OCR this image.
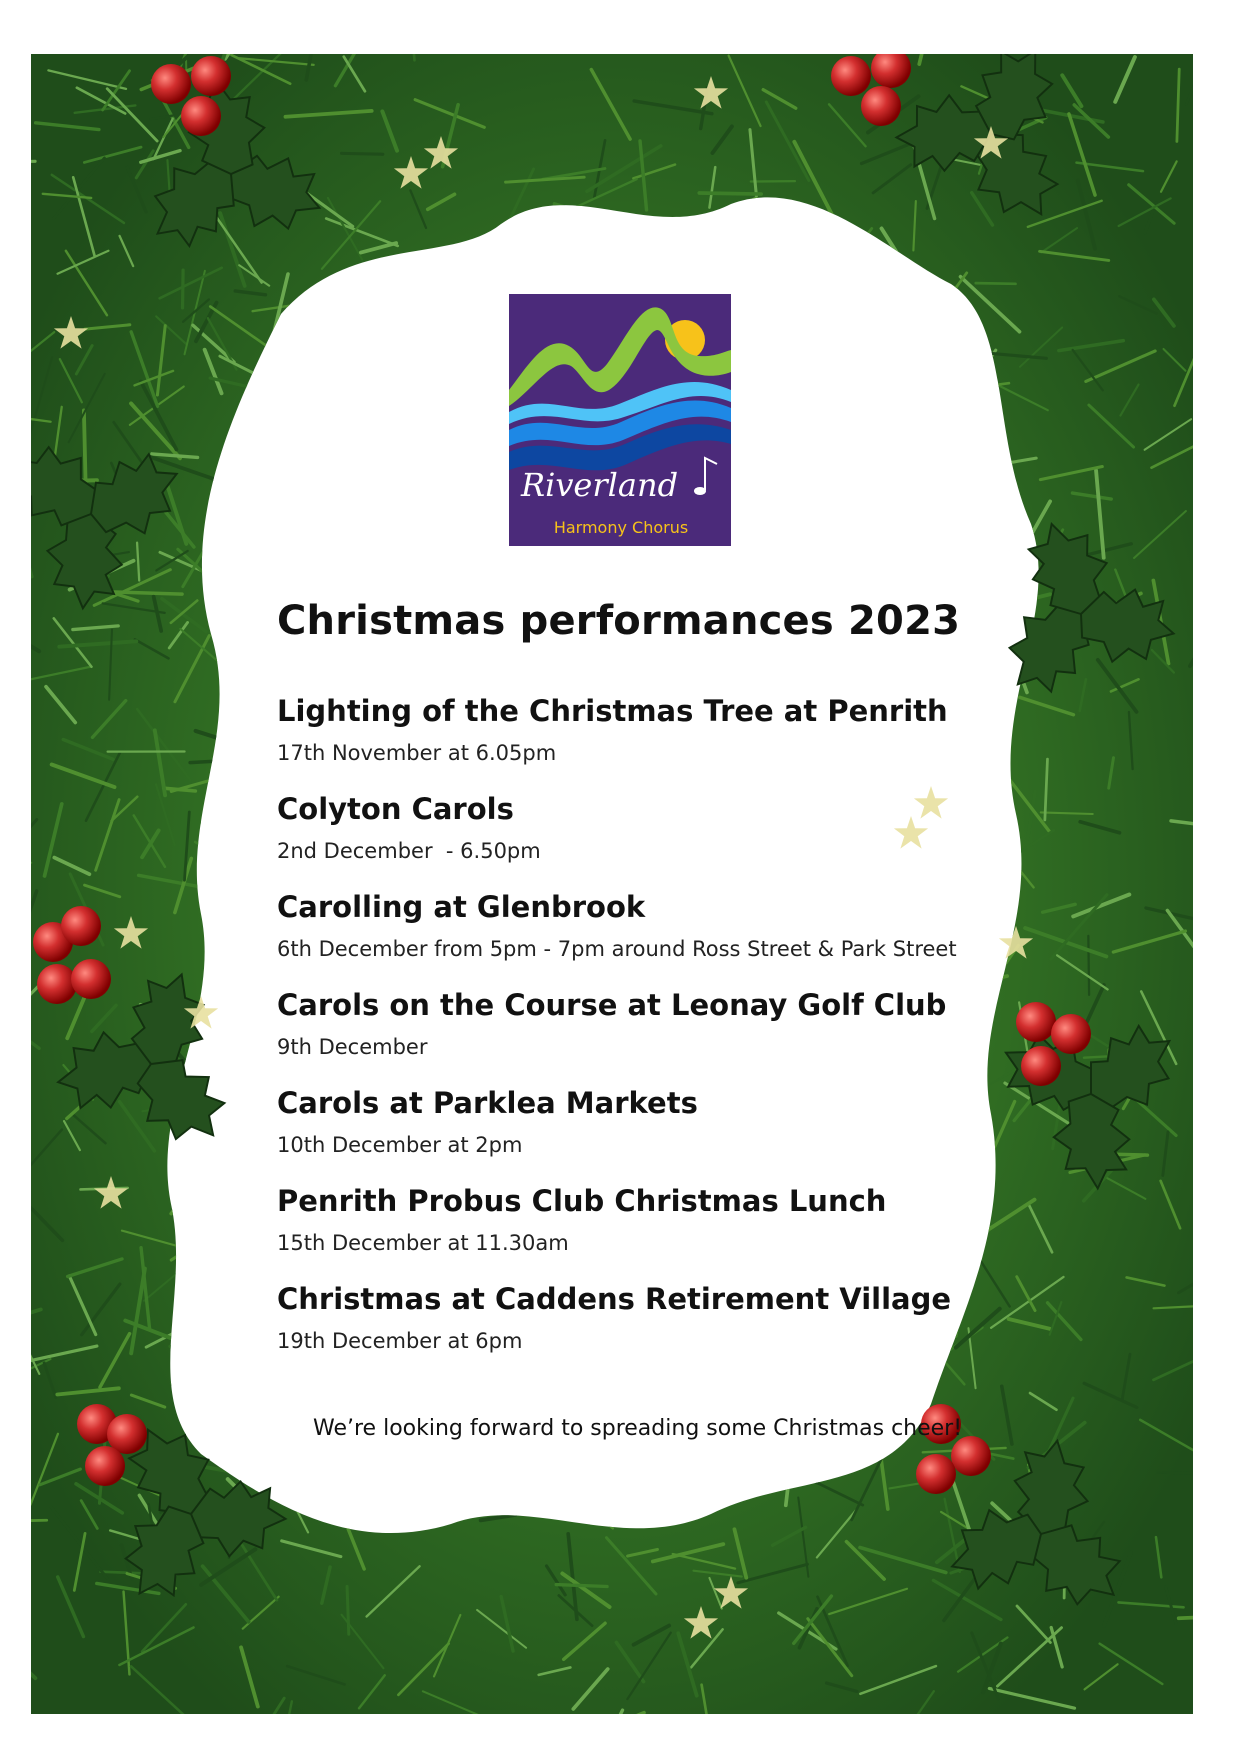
Riverland
Harmony Chorus
Christmas performances 2023
Lighting of the Christmas Tree at Penrith
17th November at 6.05pm
Colyton Carols
2nd December  - 6.50pm
Carolling at Glenbrook
6th December from 5pm - 7pm around Ross Street & Park Street
Carols on the Course at Leonay Golf Club
9th December
Carols at Parklea Markets
10th December at 2pm
Penrith Probus Club Christmas Lunch
15th December at 11.30am
Christmas at Caddens Retirement Village
19th December at 6pm
We’re looking forward to spreading some Christmas cheer!
